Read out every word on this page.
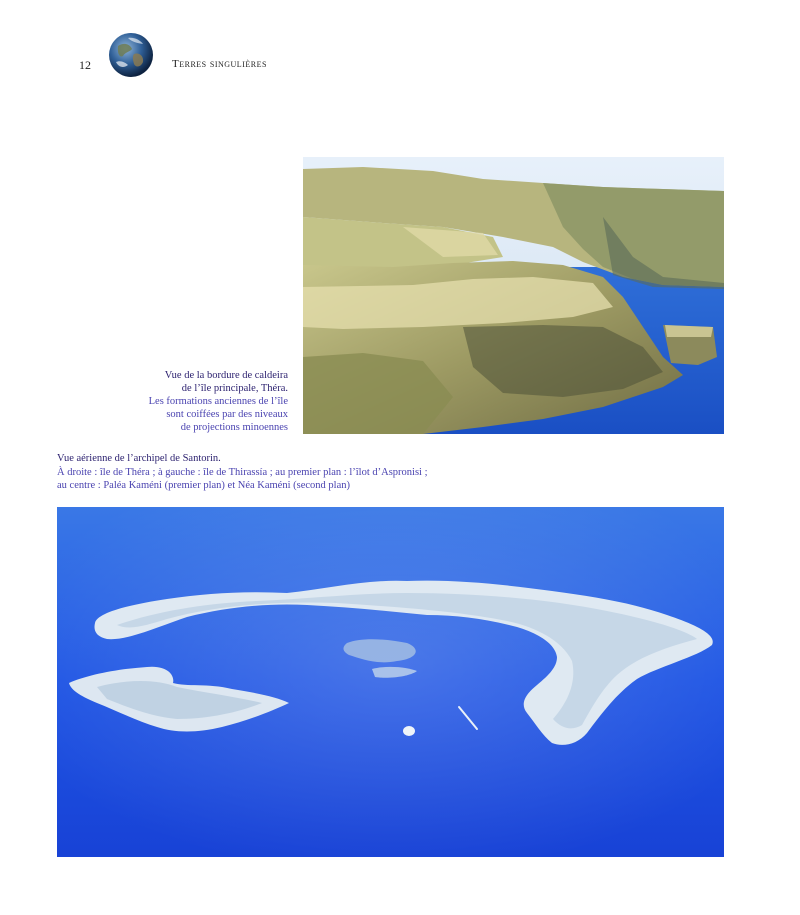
12	Terres singulières
Vue de la bordure de caldeira
de l’île principale, Théra.
Les formations anciennes de l’île
sont coiffées par des niveaux
de projections minoennes
Vue aérienne de l’archipel de Santorin.
À droite : île de Théra ; à gauche : île de Thirassía ; au premier plan : l’îlot d’Aspronisi ;
au centre : Paléa Kaméni (premier plan) et Néa Kaméni (second plan)
